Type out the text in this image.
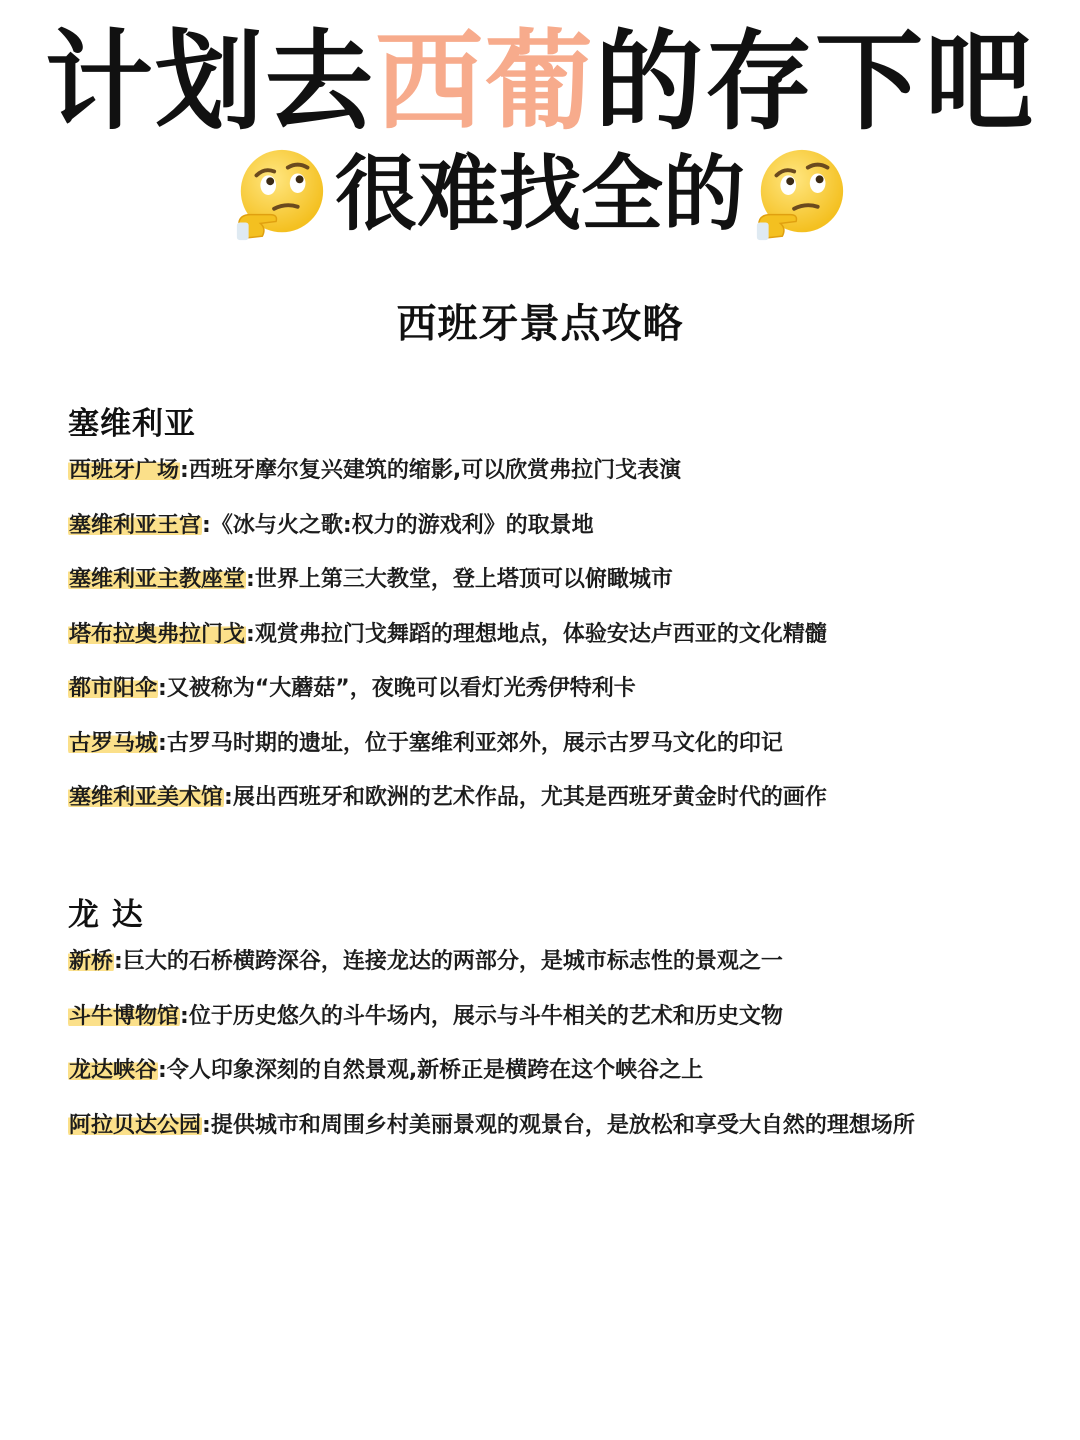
计划去西葡的存下吧
很难找全的
西班牙景点攻略
塞维利亚
西班牙广场:西班牙摩尔复兴建筑的缩影,可以欣赏弗拉门戈表演
塞维利亚王宫:《冰与火之歌:权力的游戏利》的取景地
塞维利亚主教座堂:世界上第三大教堂，登上塔顶可以俯瞰城市
塔布拉奥弗拉门戈:观赏弗拉门戈舞蹈的理想地点，体验安达卢西亚的文化精髓
都市阳伞:又被称为“大蘑菇”，夜晚可以看灯光秀伊特利卡
古罗马城:古罗马时期的遗址，位于塞维利亚郊外，展示古罗马文化的印记
塞维利亚美术馆:展出西班牙和欧洲的艺术作品，尤其是西班牙黄金时代的画作
龙 达
新桥:巨大的石桥横跨深谷，连接龙达的两部分，是城市标志性的景观之一
斗牛博物馆:位于历史悠久的斗牛场内，展示与斗牛相关的艺术和历史文物
龙达峡谷:令人印象深刻的自然景观,新桥正是横跨在这个峡谷之上
阿拉贝达公园:提供城市和周围乡村美丽景观的观景台，是放松和享受大自然的理想场所
